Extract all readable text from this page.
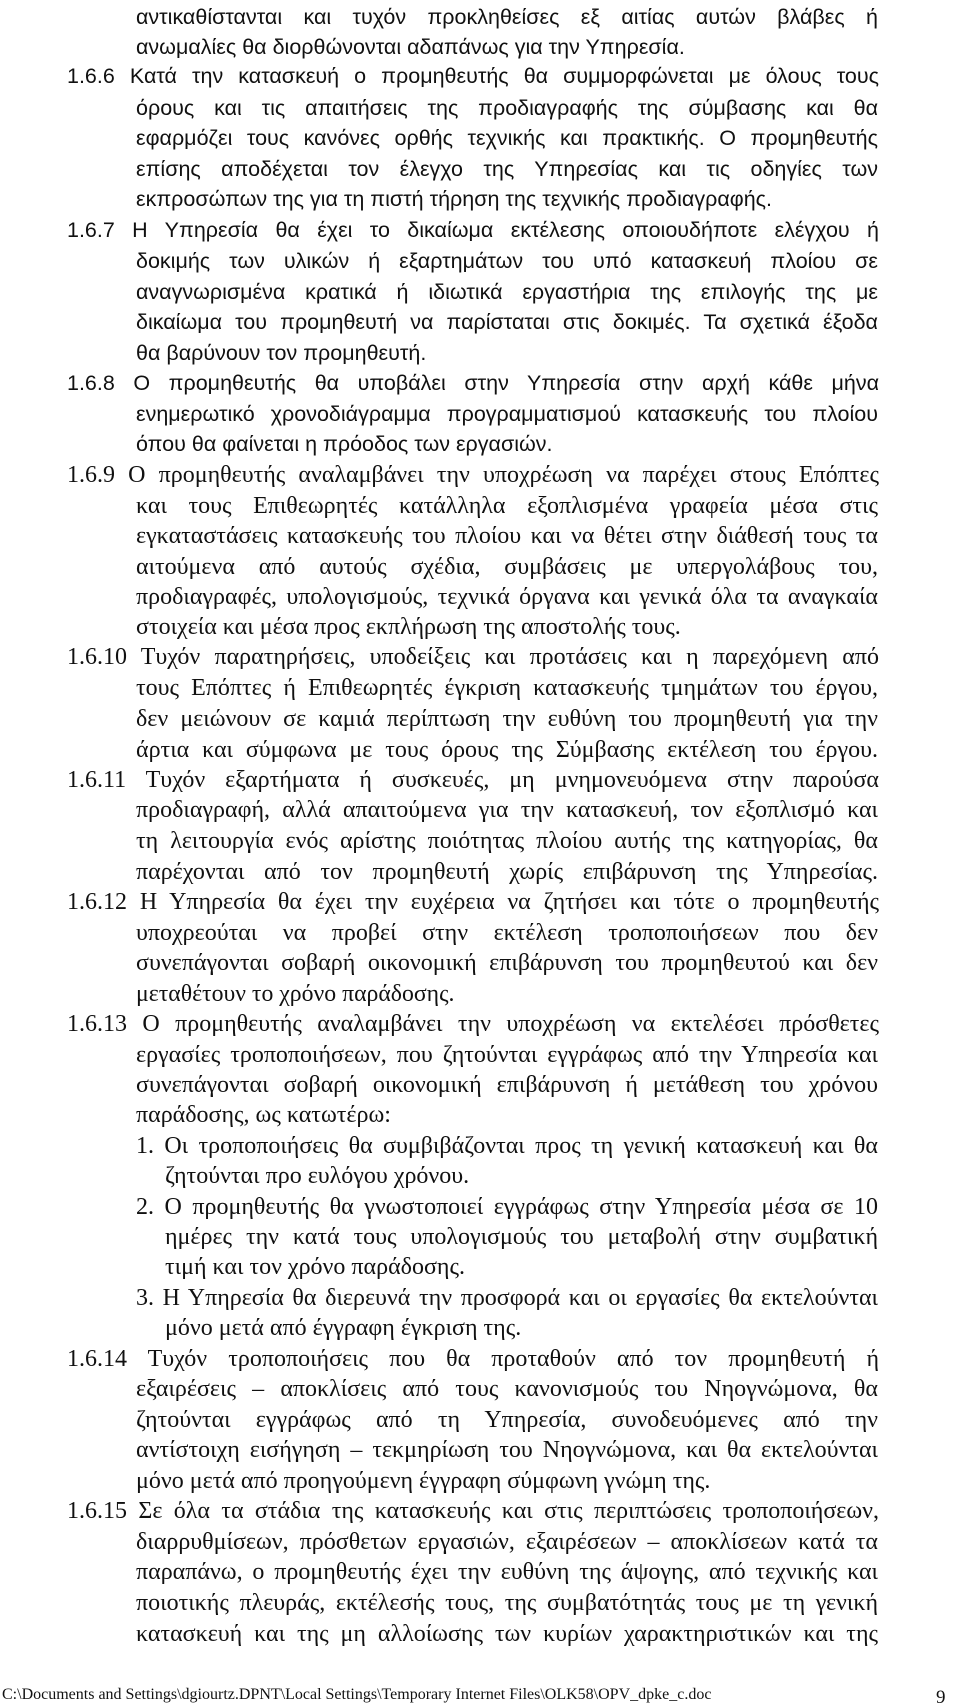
αντικαθίστανται και τυχόν προκληθείσες εξ αιτίας αυτών βλάβες ή
ανωμαλίες θα διορθώνονται αδαπάνως για την Υπηρεσία.
1.6.6 Κατά την κατασκευή ο προμηθευτής θα συμμορφώνεται με όλους τους
όρους και τις απαιτήσεις της προδιαγραφής της σύμβασης και θα
εφαρμόζει τους κανόνες ορθής τεχνικής και πρακτικής. Ο προμηθευτής
επίσης αποδέχεται τον έλεγχο της Υπηρεσίας και τις οδηγίες των
εκπροσώπων της για τη πιστή τήρηση της τεχνικής προδιαγραφής.
1.6.7 Η Υπηρεσία θα έχει το δικαίωμα εκτέλεσης οποιουδήποτε ελέγχου ή
δοκιμής των υλικών ή εξαρτημάτων του υπό κατασκευή πλοίου σε
αναγνωρισμένα κρατικά ή ιδιωτικά εργαστήρια της επιλογής της με
δικαίωμα του προμηθευτή να παρίσταται στις δοκιμές. Τα σχετικά έξοδα
θα βαρύνουν τον προμηθευτή.
1.6.8 Ο προμηθευτής θα υποβάλει στην Υπηρεσία στην αρχή κάθε μήνα
ενημερωτικό χρονοδιάγραμμα προγραμματισμού κατασκευής του πλοίου
όπου θα φαίνεται η πρόοδος των εργασιών.
1.6.9 Ο προμηθευτής αναλαμβάνει την υποχρέωση να παρέχει στους Επόπτες
και τους Επιθεωρητές κατάλληλα εξοπλισμένα γραφεία μέσα στις
εγκαταστάσεις κατασκευής του πλοίου και να θέτει στην διάθεσή τους τα
αιτούμενα από αυτούς σχέδια, συμβάσεις με υπεργολάβους του,
προδιαγραφές, υπολογισμούς, τεχνικά όργανα και γενικά όλα τα αναγκαία
στοιχεία και μέσα προς εκπλήρωση της αποστολής τους.
1.6.10 Τυχόν παρατηρήσεις, υποδείξεις και προτάσεις και η παρεχόμενη από
τους Επόπτες ή Επιθεωρητές έγκριση κατασκευής τμημάτων του έργου,
δεν μειώνουν σε καμιά περίπτωση την ευθύνη του προμηθευτή για την
άρτια και σύμφωνα με τους όρους της Σύμβασης εκτέλεση του έργου.
1.6.11 Τυχόν εξαρτήματα ή συσκευές, μη μνημονευόμενα στην παρούσα
προδιαγραφή, αλλά απαιτούμενα για την κατασκευή, τον εξοπλισμό και
τη λειτουργία ενός αρίστης ποιότητας πλοίου αυτής της κατηγορίας, θα
παρέχονται από τον προμηθευτή χωρίς επιβάρυνση της Υπηρεσίας.
1.6.12 Η Υπηρεσία θα έχει την ευχέρεια να ζητήσει και τότε ο προμηθευτής
υποχρεούται να προβεί στην εκτέλεση τροποποιήσεων που δεν
συνεπάγονται σοβαρή οικονομική επιβάρυνση του προμηθευτού και δεν
μεταθέτουν το χρόνο παράδοσης.
1.6.13 Ο προμηθευτής αναλαμβάνει την υποχρέωση να εκτελέσει πρόσθετες
εργασίες τροποποιήσεων, που ζητούνται εγγράφως από την Υπηρεσία και
συνεπάγονται σοβαρή οικονομική επιβάρυνση ή μετάθεση του χρόνου
παράδοσης, ως κατωτέρω:
1. Οι τροποποιήσεις θα συμβιβάζονται προς τη γενική κατασκευή και θα
ζητούνται προ ευλόγου χρόνου.
2. Ο προμηθευτής θα γνωστοποιεί εγγράφως στην Υπηρεσία μέσα σε 10
ημέρες την κατά τους υπολογισμούς του μεταβολή στην συμβατική
τιμή και τον χρόνο παράδοσης.
3. Η Υπηρεσία θα διερευνά την προσφορά και οι εργασίες θα εκτελούνται
μόνο μετά από έγγραφη έγκριση της.
1.6.14 Τυχόν τροποποιήσεις που θα προταθούν από τον προμηθευτή ή
εξαιρέσεις – αποκλίσεις από τους κανονισμούς του Νηογνώμονα, θα
ζητούνται εγγράφως από τη Υπηρεσία, συνοδευόμενες από την
αντίστοιχη εισήγηση – τεκμηρίωση του Νηογνώμονα, και θα εκτελούνται
μόνο μετά από προηγούμενη έγγραφη σύμφωνη γνώμη της.
1.6.15 Σε όλα τα στάδια της κατασκευής και στις περιπτώσεις τροποποιήσεων,
διαρρυθμίσεων, πρόσθετων εργασιών, εξαιρέσεων – αποκλίσεων κατά τα
παραπάνω, ο προμηθευτής έχει την ευθύνη της άψογης, από τεχνικής και
ποιοτικής πλευράς, εκτέλεσής τους, της συμβατότητάς τους με τη γενική
κατασκευή και της μη αλλοίωσης των κυρίων χαρακτηριστικών και της
C:\Documents and Settings\dgiourtz.DPNT\Local Settings\Temporary Internet Files\OLK58\OPV_dpke_c.doc	9
